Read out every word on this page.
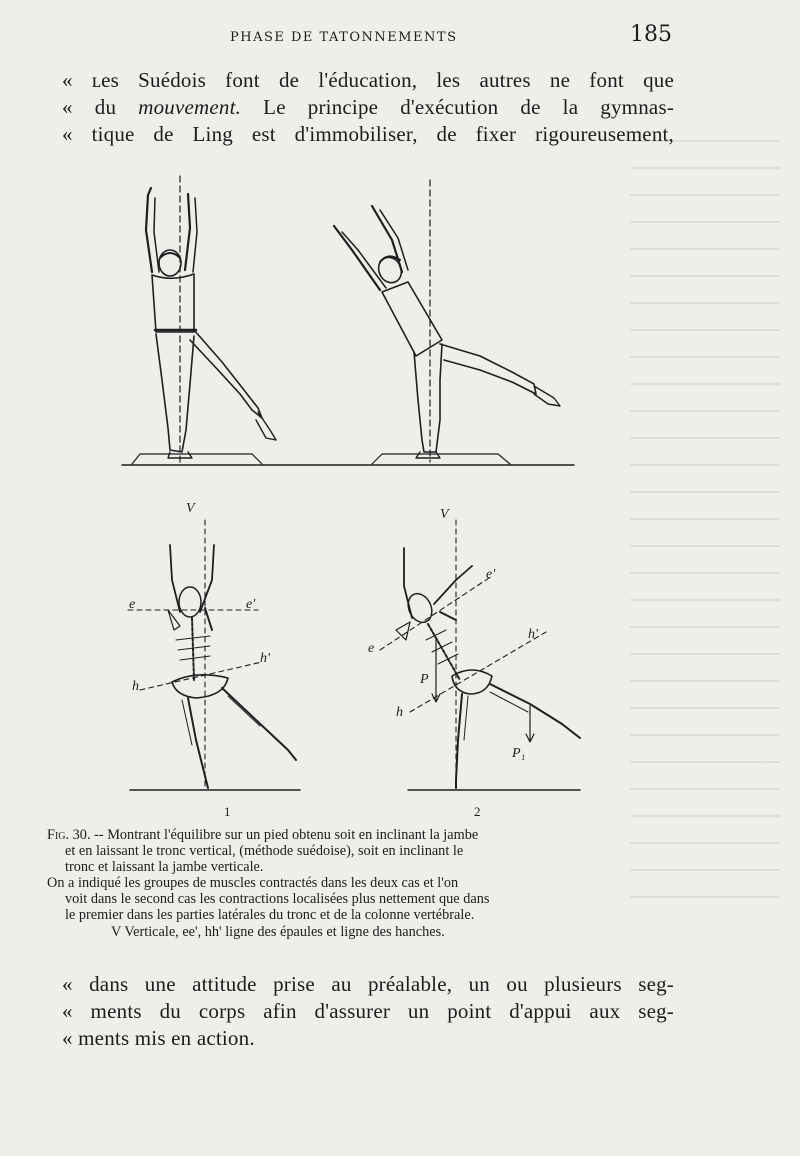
PHASE DE TATONNEMENTS	185
« ʟes Suédois font de l'éducation, les autres ne font que
« du mouvement. Le principe d'exécution de la gymnas-
« tique de Ling est d'immobiliser, de fixer rigoureusement,
V
e	e'
h
h'
V
e'
e
h'
h
P
P₁
1	2
Fig. 30. -- Montrant l'équilibre sur un pied obtenu soit en inclinant la jambe
et en laissant le tronc vertical, (méthode suédoise), soit en inclinant le
tronc et laissant la jambe verticale.
On a indiqué les groupes de muscles contractés dans les deux cas et l'on
voit dans le second cas les contractions localisées plus nettement que dans
le premier dans les parties latérales du tronc et de la colonne vertébrale.
V Verticale, ee', hh' ligne des épaules et ligne des hanches.
« dans une attitude prise au préalable, un ou plusieurs seg-
« ments du corps afin d'assurer un point d'appui aux seg-
« ments mis en action.
